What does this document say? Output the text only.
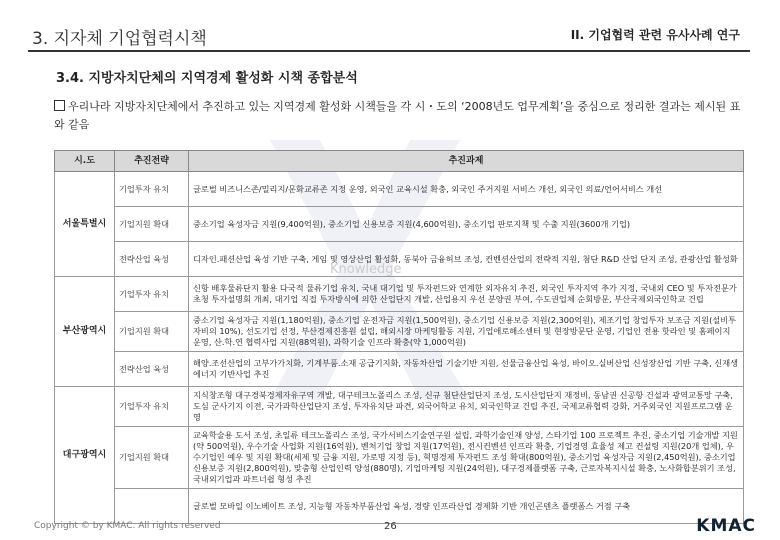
3. 지자체 기업협력시책	II. 기업협력 관련 유사사례 연구
3.4. 지방자치단체의 지역경제 활성화 시책 종합분석
우리나라 지방자치단체에서 추진하고 있는 지역경제 활성화 시책들을 각 시・도의 ‘2008년도 업무계획’을 중심으로 정리한 결과는 제시된 표와 같음
Knowledge
시.도	추진전략	추진과제
서울특별시	기업투자 유치	글로벌 비즈니스존/밀리지/문화교류존 지정 운영, 외국인 교육시설 확충, 외국인 주거지원 서비스 개선, 외국인 의료/언어서비스 개선
	기업지원 확대	중소기업 육성자금 지원(9,400억원), 중소기업 신용보증 지원(4,600억원), 중소기업 판로지책 및 수출 지원(3600개 기업)
	전략산업 육성	디자인.패션산업 육성 기반 구축, 게임 및 영상산업 활성화, 동북아 금융허브 조성, 컨벤션산업의 전략적 지원, 첨단 R&D 산업 단지 조성, 관광산업 활성화
부산광역시	기업투자 유치	신항 배후물류단지 활용 다국적 물류기업 유치, 국내 대기업 및 투자펀드와 연계한 외자유치 추진, 외국인 투자지역 추가 지정, 국내외 CEO 및 투자전문가 초청 투자설명회 개최, 대기업 직접 투자방식에 의한 산업단지 개발, 산업용지 우선 분양권 부여, 수도권업체 순회방문, 부산국제외국인학교 건립
	기업지원 확대	중소기업 육성자금 지원(1,180억원), 중소기업 운전자금 지원(1,500억원), 중소기업 신용보증 지원(2,300억원), 제조기업 창업투자 보조금 지원(설비투자비의 10%), 선도기업 선정, 부산경제진흥원 설립, 해외시장 마케팅활동 지원, 기업애로해소센터 및 현장방문단 운영, 기업인 전용 핫라인 및 홈페이지 운영, 산.학.연 협력사업 지원(88억원), 과학기술 인프라 확충(약 1,000억원)
	전략산업 육성	해양.조선산업의 고부가가치화, 기계부품.소재 공급기지화, 자동차산업 기술기반 지원, 선물금융산업 육성, 바이오.실버산업 신성장산업 기반 구축, 신재생에너지 기반사업 추진
대구광역시	기업투자 유치	지식창조형 대구경북경제자유구역 개발, 대구테크노폴리스 조성, 신규 첨단산업단지 조성, 도시산업단지 재정비, 동남권 신공항 건설과 광역교통망 구축, 도심 군사기지 이전, 국가과학산업단지 조성, 투자유치단 파견, 외국어학교 유치, 외국인학교 건립 추진, 국제교류협력 강화, 거주외국인 지원프로그램 운영
	기업지원 확대	교육학술용 도서 조성, 초일류 테크노폴리스 조성, 국가서비스기술연구원 설립, 과학기술인재 양성, 스타기업 100 프로젝트 추진, 중소기업 기술개발 지원(약 500억원), 우수기술 사업화 지원(16억원), 벤처기업 창업 지원(17억원), 전시컨벤션 인프라 확충, 기업경영 효율성 제고 컨설팅 지원(20개 업체), 우수기업인 예우 및 지원 확대(세제 및 금융 지원, 가로명 지정 등), 혁명경제 투자펀드 조성 확대(800억원), 중소기업 육성자금 지원(2,450억원), 중소기업 신용보증 지원(2,800억원), 맞춤형 산업인력 양성(880명), 기업마케팅 지원(24억원), 대구경제플랫폼 구축, 근로자복지시설 확충, 노사화합분위기 조성, 국내외기업과 파트너쉽 형성 추진
		글로벌 모바일 이노베이트 조성, 지능형 자동차부품산업 육성, 경량 인프라산업 경제화 기반 개인곤텐츠 플랫폼스 거점 구축
Copyright © by KMAC. All rights reserved	26	KMAC
